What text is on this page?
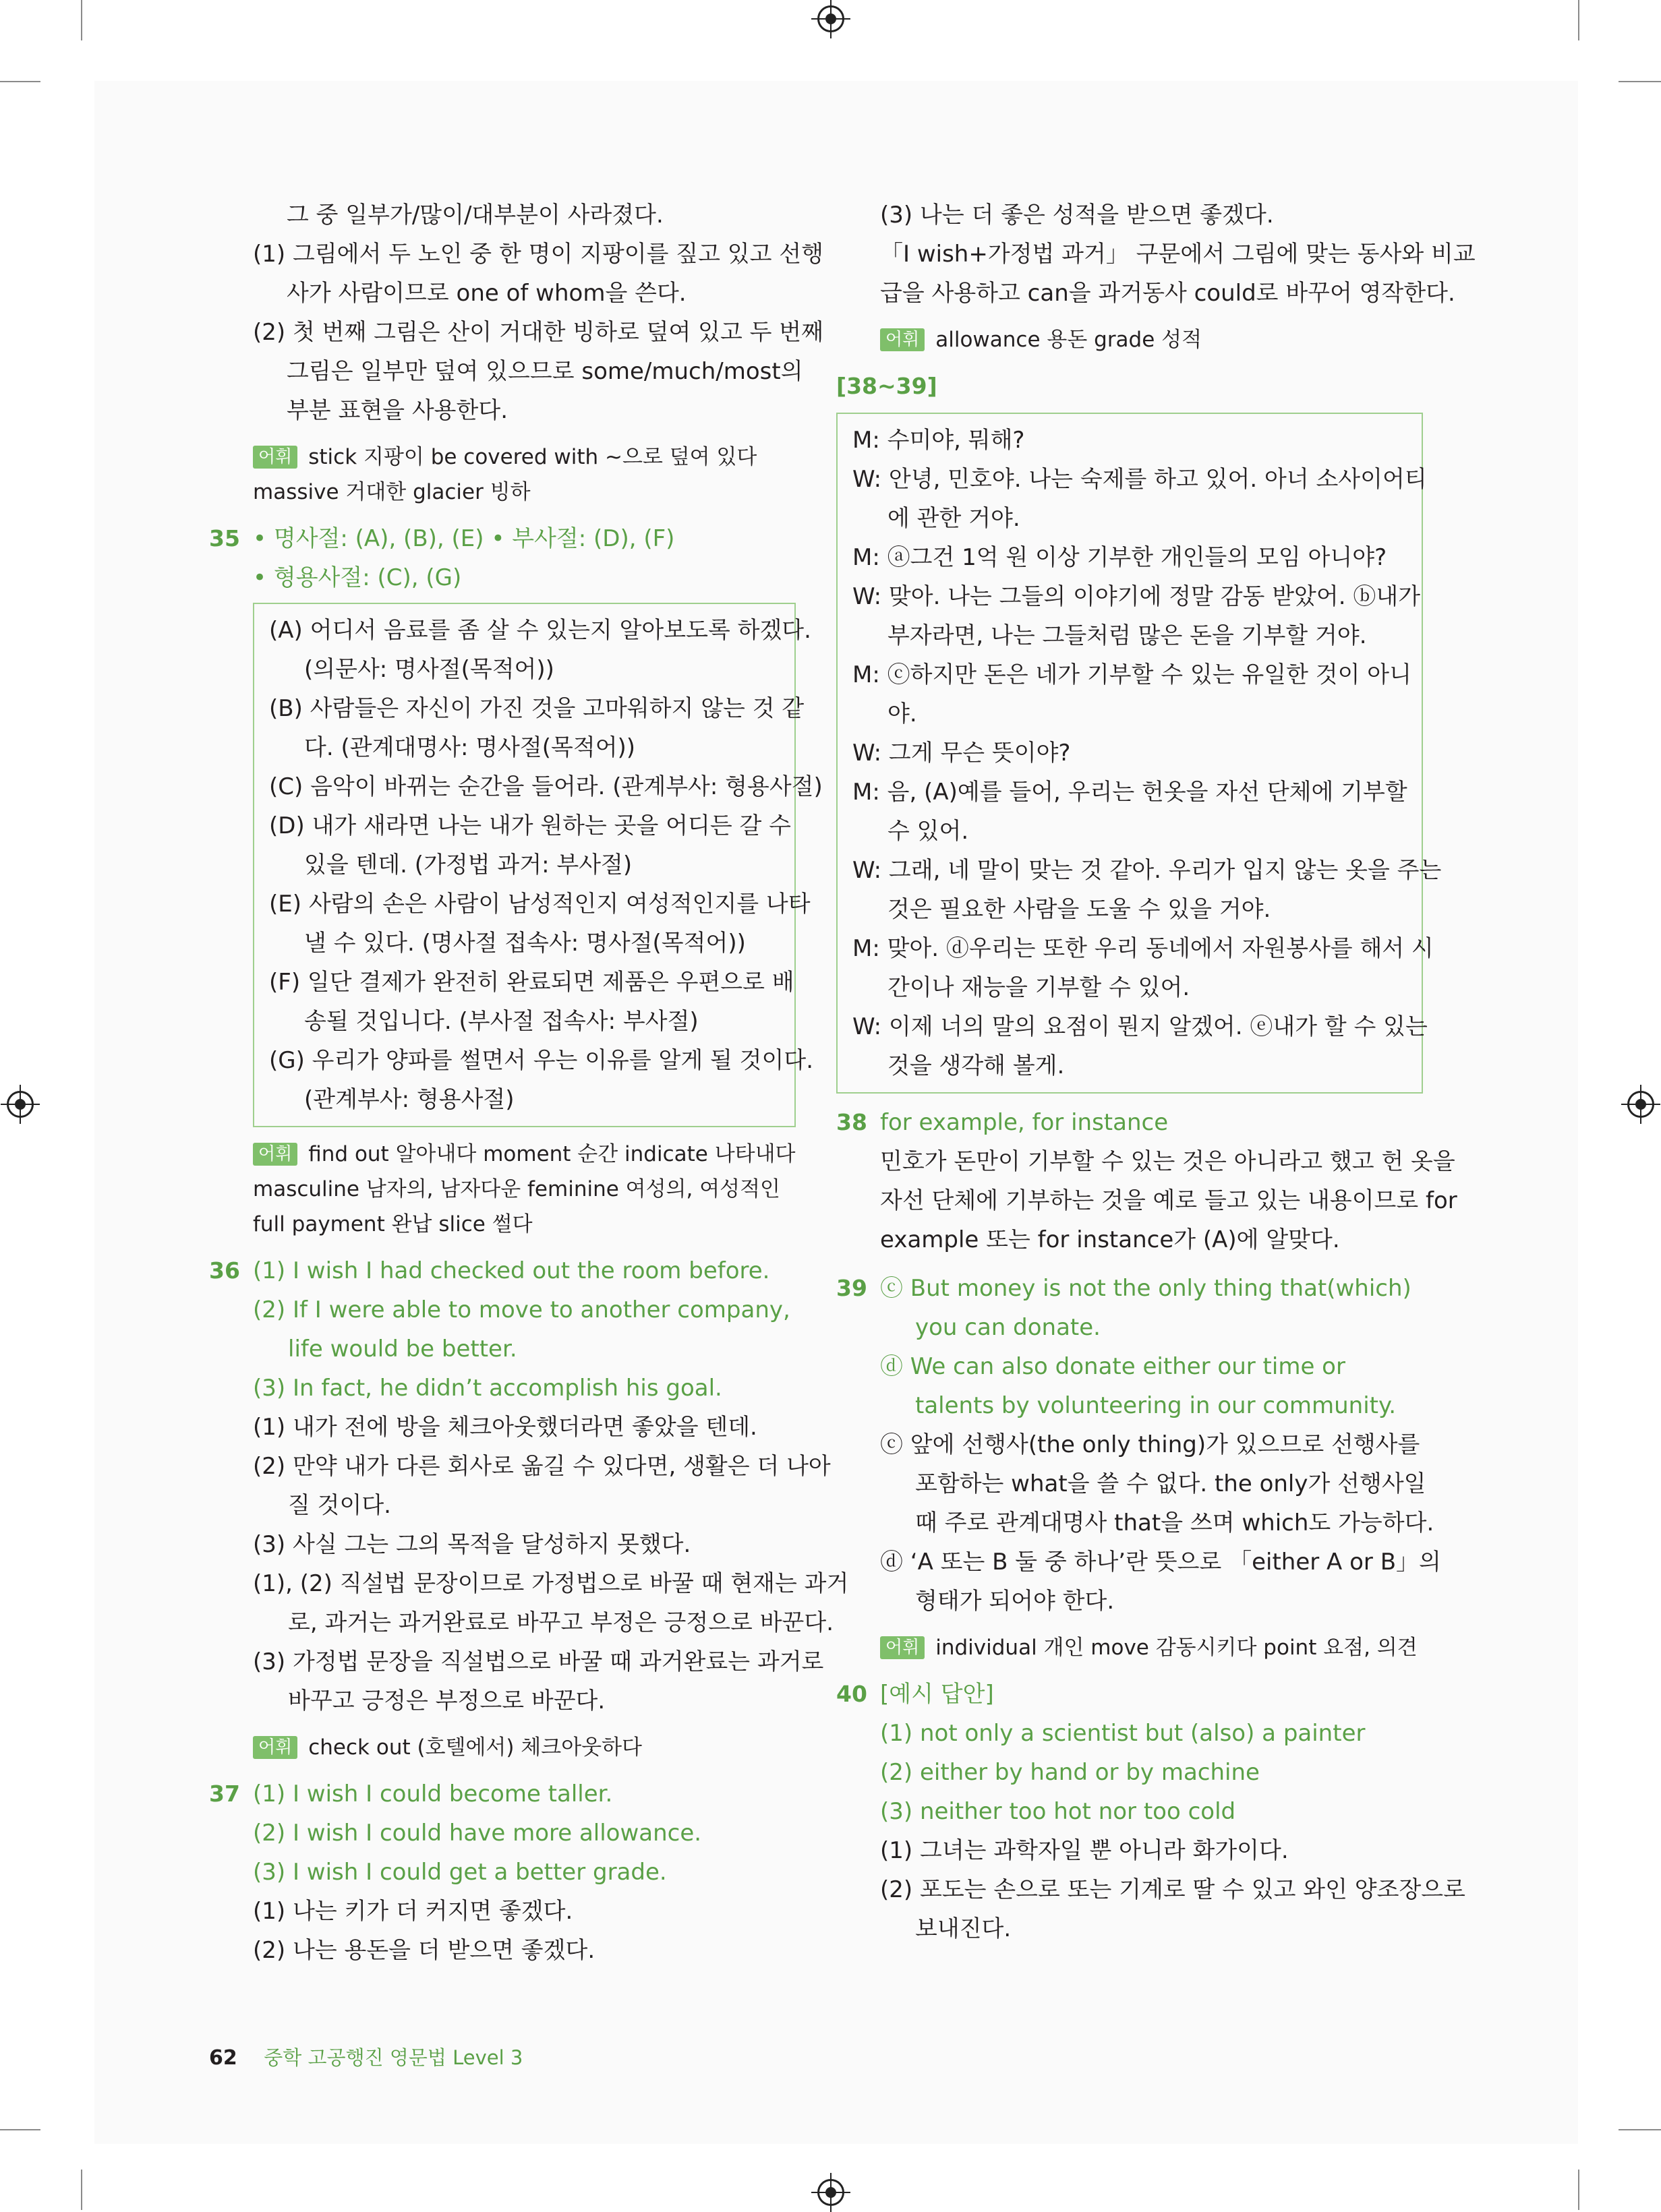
그 중 일부가/많이/대부분이 사라졌다.
(1) 그림에서 두 노인 중 한 명이 지팡이를 짚고 있고 선행
사가 사람이므로 one of whom을 쓴다.
(2) 첫 번째 그림은 산이 거대한 빙하로 덮여 있고 두 번째
그림은 일부만 덮여 있으므로 some/much/most의
부분 표현을 사용한다.
어휘 stick 지팡이 be covered with ~으로 덮여 있다
massive 거대한 glacier 빙하
35 • 명사절: (A), (B), (E) • 부사절: (D), (F)
• 형용사절: (C), (G)
(A) 어디서 음료를 좀 살 수 있는지 알아보도록 하겠다.
(의문사: 명사절(목적어))
(B) 사람들은 자신이 가진 것을 고마워하지 않는 것 같
다. (관계대명사: 명사절(목적어))
(C) 음악이 바뀌는 순간을 들어라. (관계부사: 형용사절)
(D) 내가 새라면 나는 내가 원하는 곳을 어디든 갈 수
있을 텐데. (가정법 과거: 부사절)
(E) 사람의 손은 사람이 남성적인지 여성적인지를 나타
낼 수 있다. (명사절 접속사: 명사절(목적어))
(F) 일단 결제가 완전히 완료되면 제품은 우편으로 배
송될 것입니다. (부사절 접속사: 부사절)
(G) 우리가 양파를 썰면서 우는 이유를 알게 될 것이다.
(관계부사: 형용사절)
어휘 find out 알아내다 moment 순간 indicate 나타내다
masculine 남자의, 남자다운 feminine 여성의, 여성적인
full payment 완납 slice 썰다
36 (1) I wish I had checked out the room before.
(2) If I were able to move to another company,
life would be better.
(3) In fact, he didn’t accomplish his goal.
(1) 내가 전에 방을 체크아웃했더라면 좋았을 텐데.
(2) 만약 내가 다른 회사로 옮길 수 있다면, 생활은 더 나아
질 것이다.
(3) 사실 그는 그의 목적을 달성하지 못했다.
(1), (2) 직설법 문장이므로 가정법으로 바꿀 때 현재는 과거
로, 과거는 과거완료로 바꾸고 부정은 긍정으로 바꾼다.
(3) 가정법 문장을 직설법으로 바꿀 때 과거완료는 과거로
바꾸고 긍정은 부정으로 바꾼다.
어휘 check out (호텔에서) 체크아웃하다
37 (1) I wish I could become taller.
(2) I wish I could have more allowance.
(3) I wish I could get a better grade.
(1) 나는 키가 더 커지면 좋겠다.
(2) 나는 용돈을 더 받으면 좋겠다.
(3) 나는 더 좋은 성적을 받으면 좋겠다.
「I wish+가정법 과거」 구문에서 그림에 맞는 동사와 비교
급을 사용하고 can을 과거동사 could로 바꾸어 영작한다.
어휘 allowance 용돈 grade 성적
[38~39]
M: 수미야, 뭐해?
W: 안녕, 민호야. 나는 숙제를 하고 있어. 아너 소사이어티
에 관한 거야.
M: ⓐ그건 1억 원 이상 기부한 개인들의 모임 아니야?
W: 맞아. 나는 그들의 이야기에 정말 감동 받았어. ⓑ내가
부자라면, 나는 그들처럼 많은 돈을 기부할 거야.
M: ⓒ하지만 돈은 네가 기부할 수 있는 유일한 것이 아니
야.
W: 그게 무슨 뜻이야?
M: 음, (A)예를 들어, 우리는 헌옷을 자선 단체에 기부할
수 있어.
W: 그래, 네 말이 맞는 것 같아. 우리가 입지 않는 옷을 주는
것은 필요한 사람을 도울 수 있을 거야.
M: 맞아. ⓓ우리는 또한 우리 동네에서 자원봉사를 해서 시
간이나 재능을 기부할 수 있어.
W: 이제 너의 말의 요점이 뭔지 알겠어. ⓔ내가 할 수 있는
것을 생각해 볼게.
38 for example, for instance
민호가 돈만이 기부할 수 있는 것은 아니라고 했고 헌 옷을
자선 단체에 기부하는 것을 예로 들고 있는 내용이므로 for
example 또는 for instance가 (A)에 알맞다.
39 ⓒ But money is not the only thing that(which)
you can donate.
ⓓ We can also donate either our time or
talents by volunteering in our community.
ⓒ 앞에 선행사(the only thing)가 있으므로 선행사를
포함하는 what을 쓸 수 없다. the only가 선행사일
때 주로 관계대명사 that을 쓰며 which도 가능하다.
ⓓ ‘A 또는 B 둘 중 하나’란 뜻으로 「either A or B」의
형태가 되어야 한다.
어휘 individual 개인 move 감동시키다 point 요점, 의견
40 [예시 답안]
(1) not only a scientist but (also) a painter
(2) either by hand or by machine
(3) neither too hot nor too cold
(1) 그녀는 과학자일 뿐 아니라 화가이다.
(2) 포도는 손으로 또는 기계로 딸 수 있고 와인 양조장으로
보내진다.
62 중학 고공행진 영문법 Level 3
